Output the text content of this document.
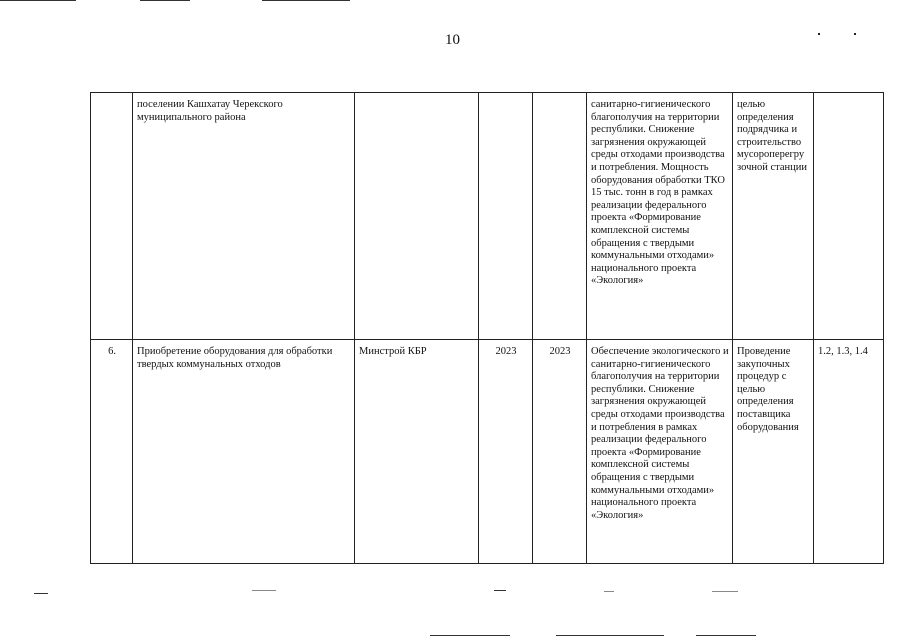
10
	поселении Кашхатау Черекского муниципального района				санитарно-гигиенического благополучия на территории республики. Снижение загрязнения окружающей среды отходами производства и потребления. Мощность оборудования обработки ТКО 15 тыс. тонн в год в рамках реализации федерального проекта «Формирование комплексной системы обращения с твердыми коммунальными отходами» национального проекта «Экология»	целью определения подрядчика и строительство мусороперегру зочной станции	
6.	Приобретение оборудования для обработки твердых коммунальных отходов	Минстрой КБР	2023	2023	Обеспечение экологического и санитарно-гигиенического благополучия на территории республики. Снижение загрязнения окружающей среды отходами производства и потребления в рамках реализации федерального проекта «Формирование комплексной системы обращения с твердыми коммунальными отходами» национального проекта «Экология»	Проведение закупочных процедур с целью определения поставщика оборудования	1.2, 1.3, 1.4
